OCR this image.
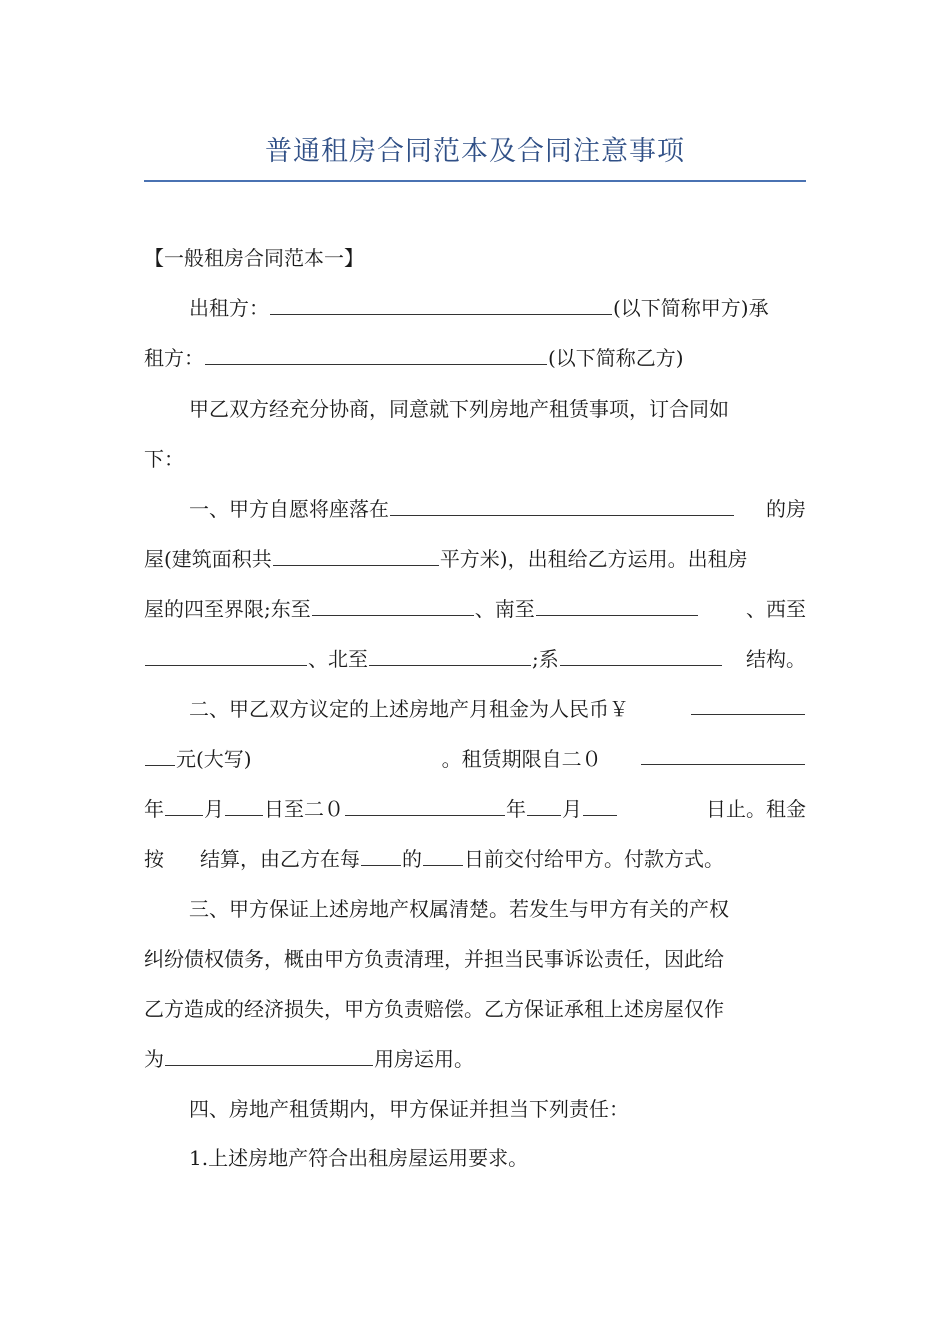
普通租房合同范本及合同注意事项
【一般租房合同范本一】
出租方：	(以下简称甲方)承
租方：	(以下简称乙方)
甲乙双方经充分协商，同意就下列房地产租赁事项，订合同如
下：
一、甲方自愿将座落在	的房
屋(建筑面积共	平方米)，出租给乙方运用。出租房
屋的四至界限;东至	、南至	、西至
、北至	;系	结构。
二、甲乙双方议定的上述房地产月租金为人民币￥
元(大写)	。租赁期限自二０
年 月 日至二０	年 月	日止。租金
按 结算，由乙方在每 的 日前交付给甲方。付款方式。
三、甲方保证上述房地产权属清楚。若发生与甲方有关的产权
纠纷债权债务，概由甲方负责清理，并担当民事诉讼责任，因此给
乙方造成的经济损失，甲方负责赔偿。乙方保证承租上述房屋仅作
为	用房运用。
四、房地产租赁期内，甲方保证并担当下列责任：
1.上述房地产符合出租房屋运用要求。
